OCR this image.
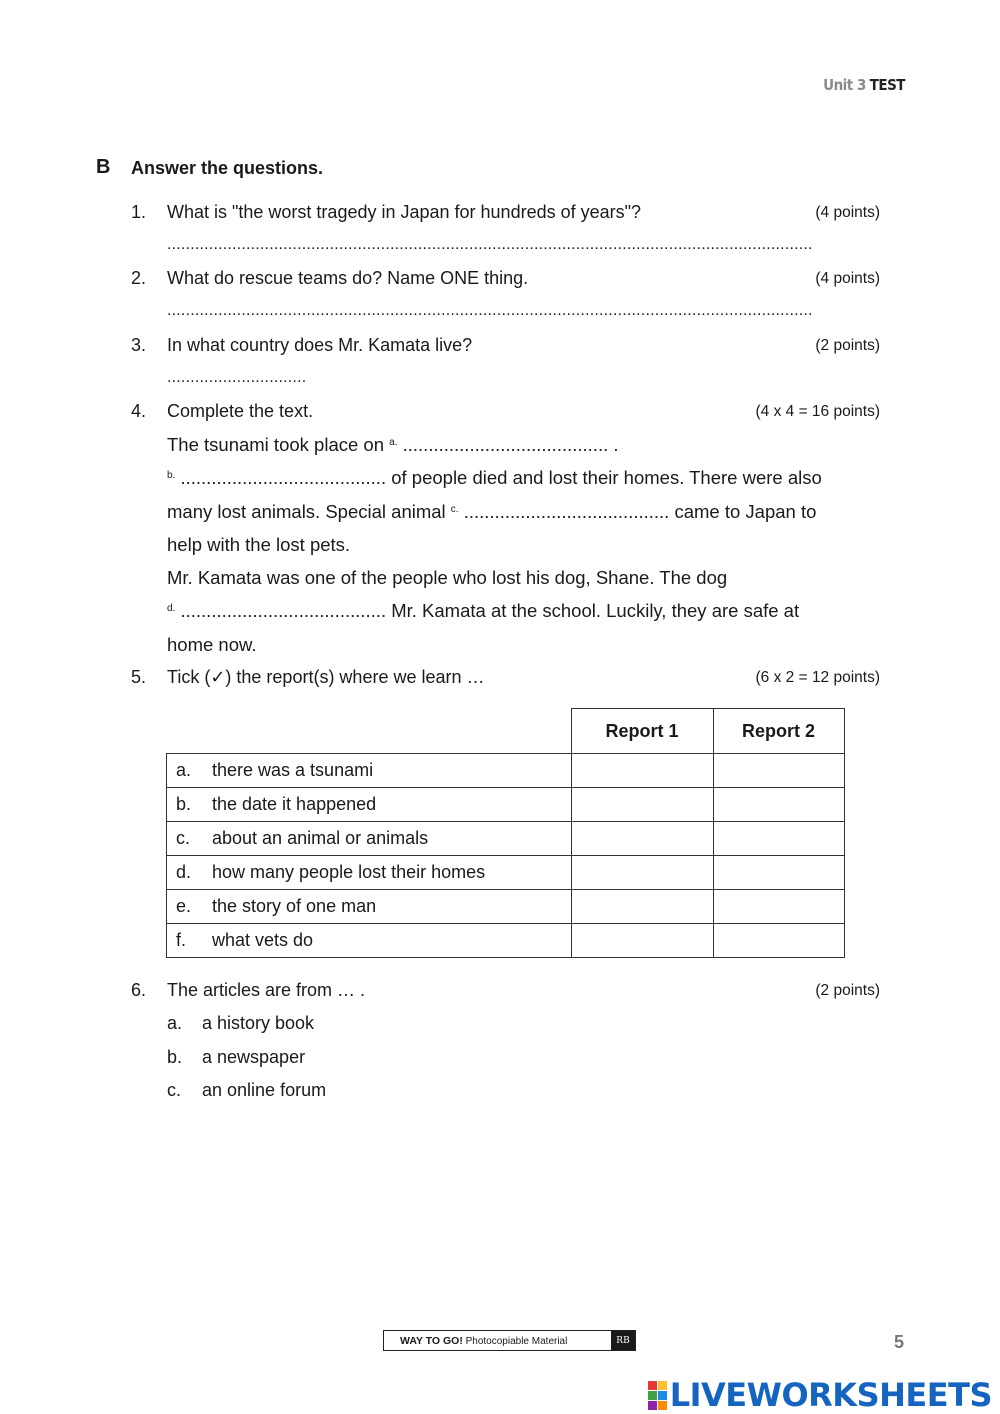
Unit 3 TEST
B Answer the questions.
1. What is "the worst tragedy in Japan for hundreds of years"?	(4 points)
...........................................................................................................................................
2. What do rescue teams do? Name ONE thing.	(4 points)
...........................................................................................................................................
3. In what country does Mr. Kamata live?	(2 points)
..............................
4. Complete the text.	(4 x 4 = 16 points)
The tsunami took place on $^{a.}$ ........................................ .
$^{b.}$ ........................................ of people died and lost their homes. There were also
many lost animals. Special animal $^{c.}$ ........................................ came to Japan to
help with the lost pets.
Mr. Kamata was one of the people who lost his dog, Shane. The dog
$^{d.}$ ........................................ Mr. Kamata at the school. Luckily, they are safe at
home now.
5. Tick (✓) the report(s) where we learn …	(6 x 2 = 12 points)
	Report 1	Report 2

a. there was a tsunami		

b. the date it happened		

c. about an animal or animals		

d. how many people lost their homes		

e. the story of one man		

f. what vets do		

6. The articles are from … .	(2 points)
a. a history book
b. a newspaper
c. an online forum
WAY TO GO! Photocopiable Material	RB	5
LIVEWORKSHEETS
